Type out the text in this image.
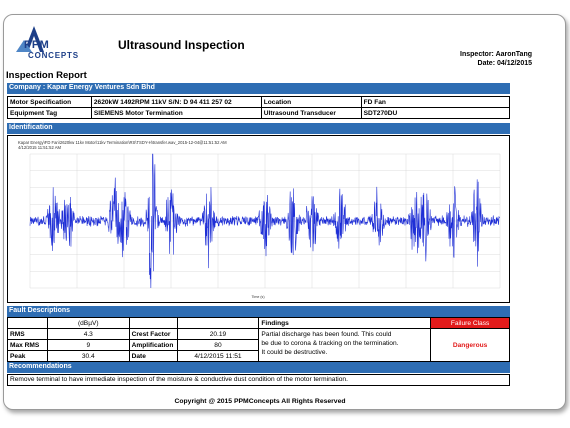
PPM
CONCEPTS
Ultrasound Inspection
Inspector: AaronTang
Date: 04/12/2015
Inspection Report
Company : Kapar Energy Ventures Sdn Bhd
Motor Specification	2620kW 1492RPM 11kV S/N: D 94 411 257 02	Location	FD Fan
Equipment Tag	SIEMENS Motor Termination	Ultrasound Transducer	SDT270DU
Identification
Kapar Energy\FD Fan\2620kw 11kv Motor\11kv Termination\RS\TSDY-H\transfer.wav_2015-12-04@11:51:52 AM
4/12/2015 11:51:52 AM
Time (s)
Fault Descriptions
	(dBµV)			Findings	Failure Class
RMS	4.3	Crest Factor	20.19	Partial discharge has been found. This could
be due to corona & tracking on the termination.
It could be destructive.	Dangerous
Max RMS	9	Amplification	80		
Peak	30.4	Date	4/12/2015 11:51		
Recommendations
Remove terminal to have immediate inspection of the moisture & conductive dust condition of the motor termination.
Copyright @ 2015 PPMConcepts All Rights Reserved
